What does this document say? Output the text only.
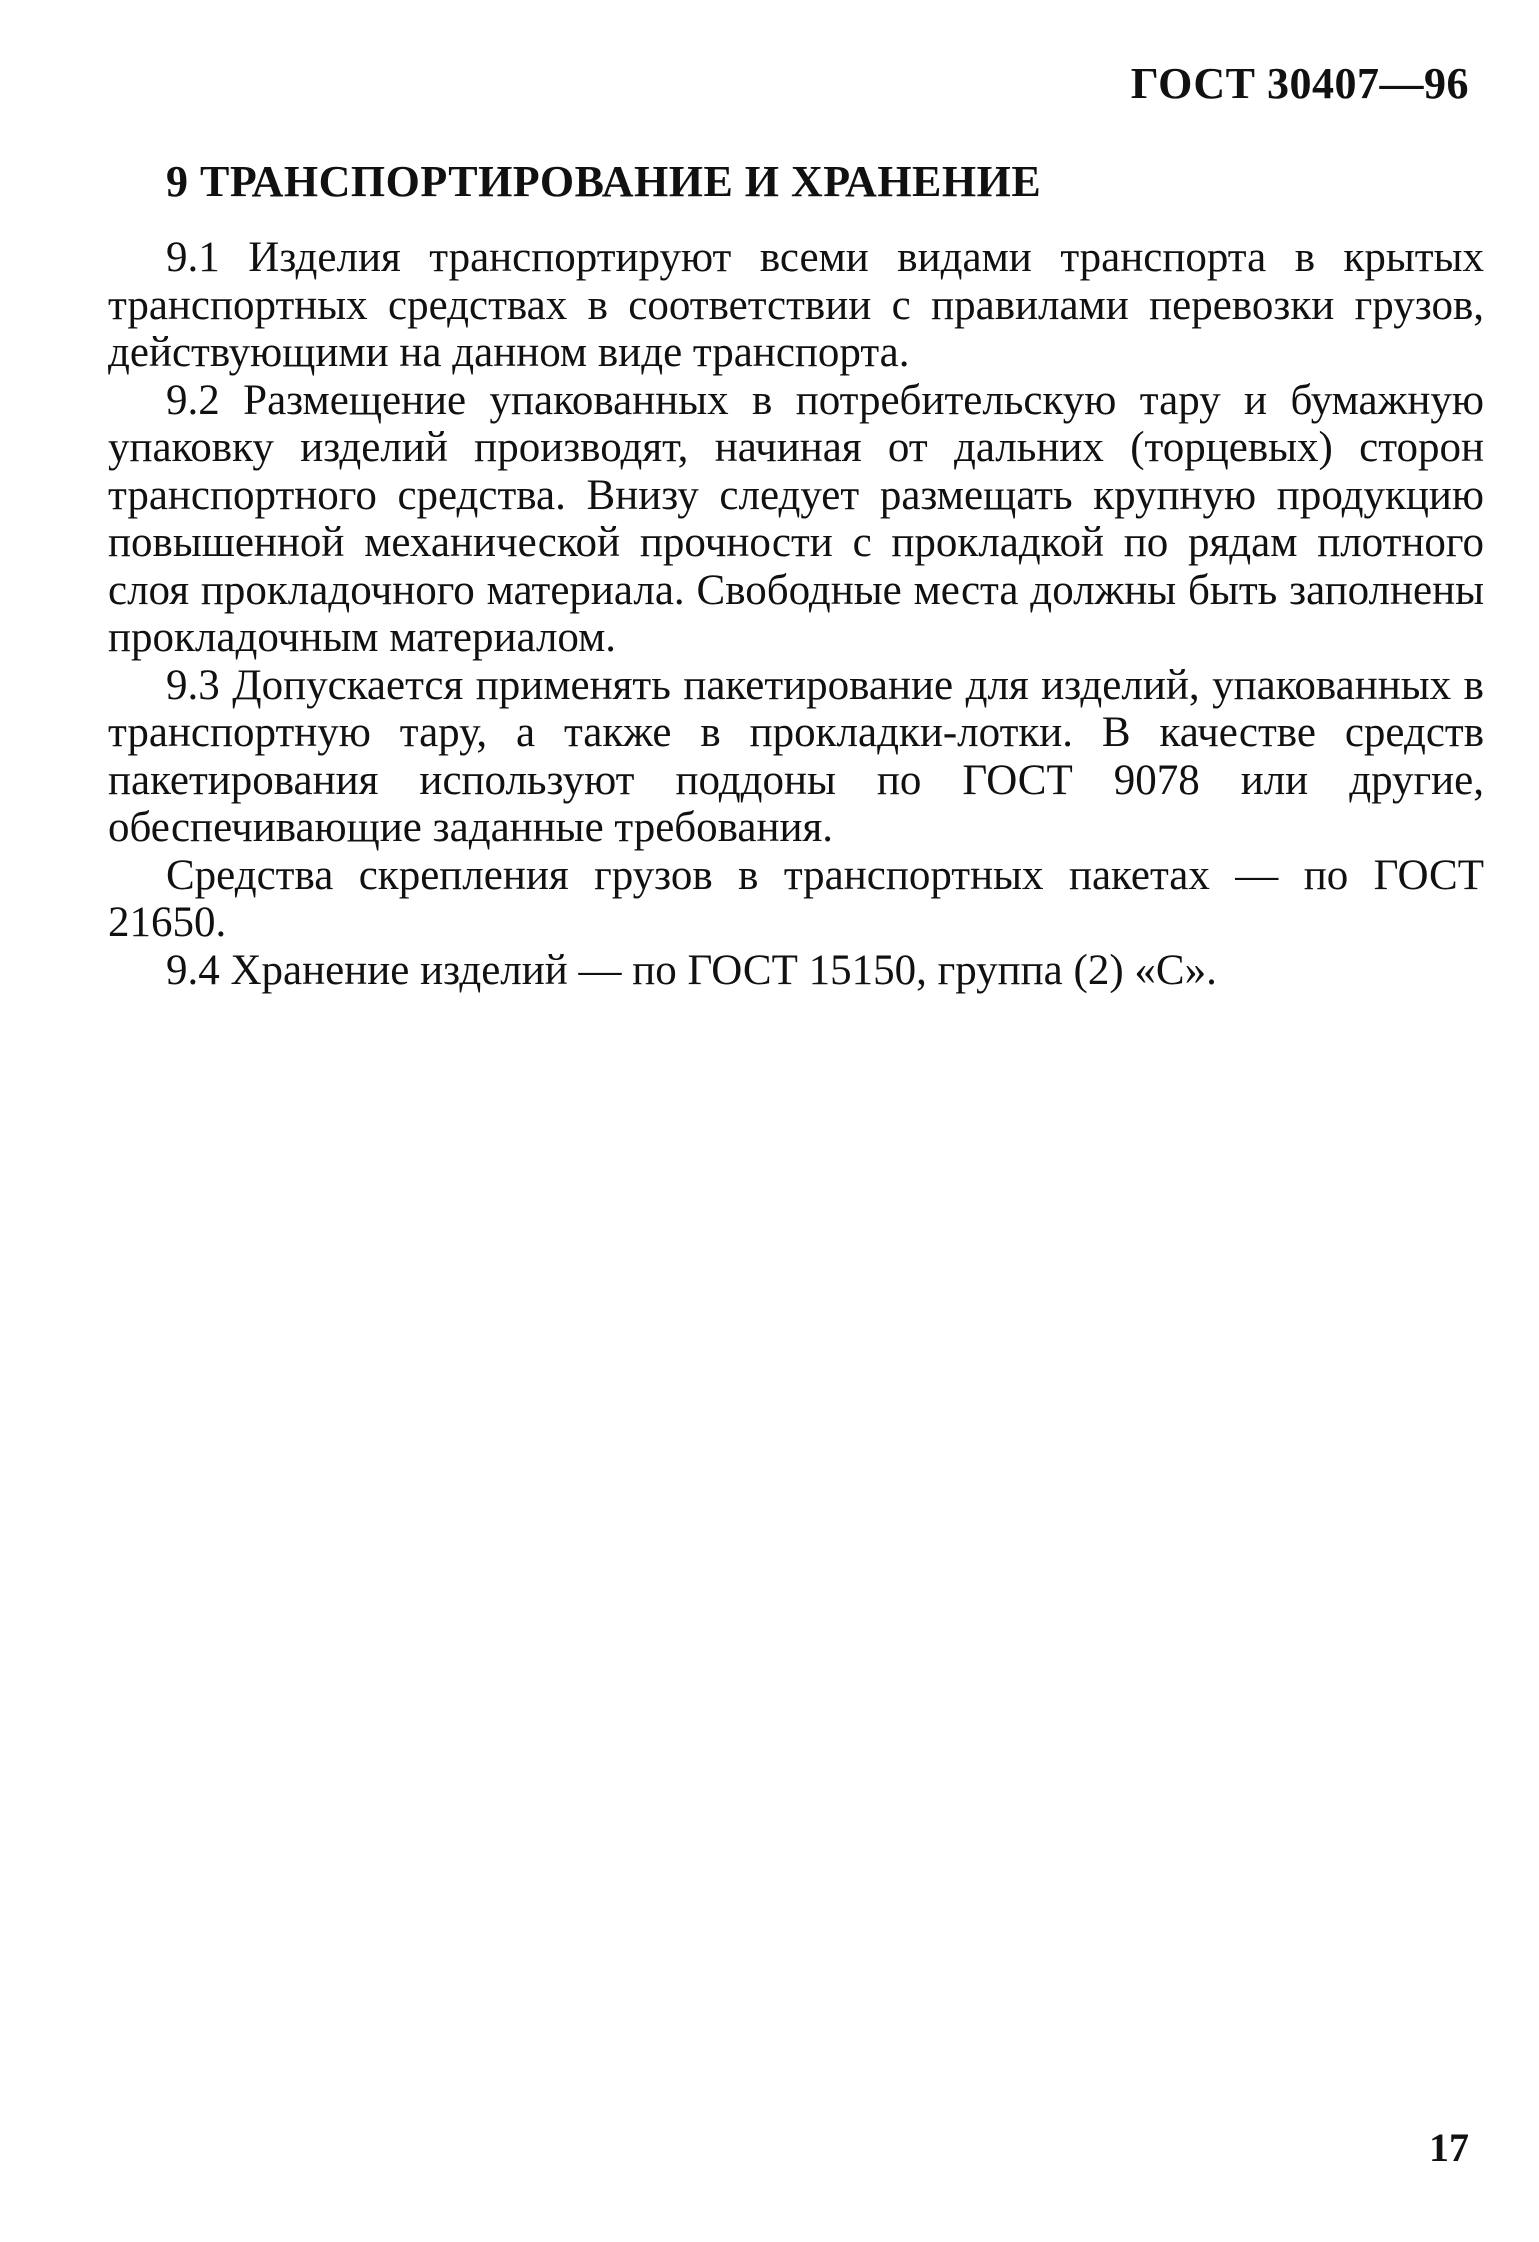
ГОСТ 30407—96
9 ТРАНСПОРТИРОВАНИЕ И ХРАНЕНИЕ

9.1 Изделия транспортируют всеми видами транспорта в крытых транспортных средствах в соответствии с правилами перевозки грузов, действующими на данном виде транспорта.

9.2 Размещение упакованных в потребительскую тару и бумажную упаковку изделий производят, начиная от дальних (торцевых) сторон транспортного средства. Внизу следует размещать крупную продукцию повышенной механической прочности с прокладкой по рядам плотного слоя прокладочного материала. Свободные места должны быть заполнены прокладочным материалом.

9.3 Допускается применять пакетирование для изделий, упакованных в транспортную тару, а также в прокладки-лотки. В качестве средств пакетирования используют поддоны по ГОСТ 9078 или другие, обеспечивающие заданные требования.

Средства скрепления грузов в транспортных пакетах — по ГОСТ 21650.

9.4 Хранение изделий — по ГОСТ 15150, группа (2) «С».

17
